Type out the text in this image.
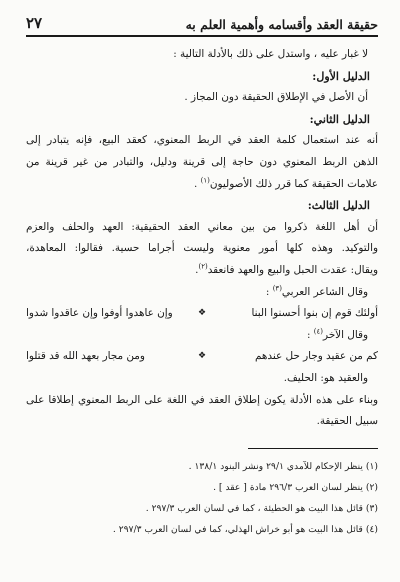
حقيقة العقد وأقسامه وأهمية العلم به
٢٧
لا غبار عليه ، واستدل على ذلك بالأدلة التالية :
الدليل الأول:
أن الأصل في الإطلاق الحقيقة دون المجاز .
الدليل الثاني:
أنه عند استعمال كلمة العقد في الربط المعنوي، كعقد البيع، فإنه يتبادر إلى
الذهن الربط المعنوي دون حاجة إلى قرينة ودليل، والتبادر من غير قرينة من
علامات الحقيقة كما قرر ذلك الأصوليون$^{(١)}$ .
الدليل الثالث:
أن أهل اللغة ذكروا من بين معاني العقد الحقيقية: العهد والحلف والعزم
والتوكيد. وهذه كلها أمور معنوية وليست أجراما حسية. فقالوا: المعاهدة،
ويقال: عقدت الحبل والبيع والعهد فانعقد$^{(٢)}$.
وقال الشاعر العربي$^{(٣)}$ :
أولئك قوم إن بنوا أحسنوا البنا
❖
وإن عاهدوا أوفوا وإن عاقدوا شدوا
وقال الآخر$^{(٤)}$ :
كم من عقيد وجار حل عندهم
❖
ومن مجار بعهد الله قد قتلوا
والعقيد هو: الحليف.
وبناء على هذه الأدلة يكون إطلاق العقد في اللغة على الربط المعنوي إطلاقا على
سبيل الحقيقة.
(١) ينظر الإحكام للآمدي ٢٩/١ ونشر البنود ١٣٨/١ .
(٢) ينظر لسان العرب ٢٩٦/٣ مادة [ عقد ] .
(٣) قائل هذا البيت هو الحطيئة ، كما في لسان العرب ٢٩٧/٣ .
(٤) قائل هذا البيت هو أبو خراش الهذلي، كما في لسان العرب ٢٩٧/٣ .
